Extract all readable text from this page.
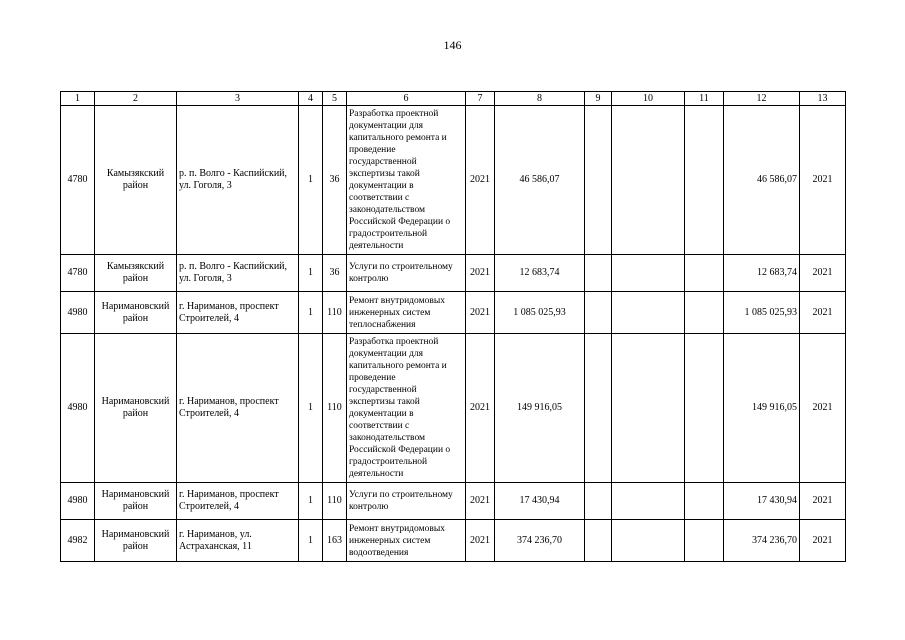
146
1	2	3	4	5	6	7	8	9	10	11	12	13
4780	Камызякский район	р. п. Волго - Каспийский, ул. Гоголя, 3	1	36	Разработка проектной документации для капитального ремонта и проведение государственной экспертизы такой документации в соответствии с законодательством Российской Федерации о градостроительной деятельности	2021	46 586,07				46 586,07	2021
4780	Камызякский район	р. п. Волго - Каспийский, ул. Гоголя, 3	1	36	Услуги по строительному контролю	2021	12 683,74				12 683,74	2021
4980	Наримановский район	г. Нариманов, проспект Строителей, 4	1	110	Ремонт внутридомовых инженерных систем теплоснабжения	2021	1 085 025,93				1 085 025,93	2021
4980	Наримановский район	г. Нариманов, проспект Строителей, 4	1	110	Разработка проектной документации для капитального ремонта и проведение государственной экспертизы такой документации в соответствии с законодательством Российской Федерации о градостроительной деятельности	2021	149 916,05				149 916,05	2021
4980	Наримановский район	г. Нариманов, проспект Строителей, 4	1	110	Услуги по строительному контролю	2021	17 430,94				17 430,94	2021
4982	Наримановский район	г. Нариманов, ул. Астраханская, 11	1	163	Ремонт внутридомовых инженерных систем водоотведения	2021	374 236,70				374 236,70	2021
